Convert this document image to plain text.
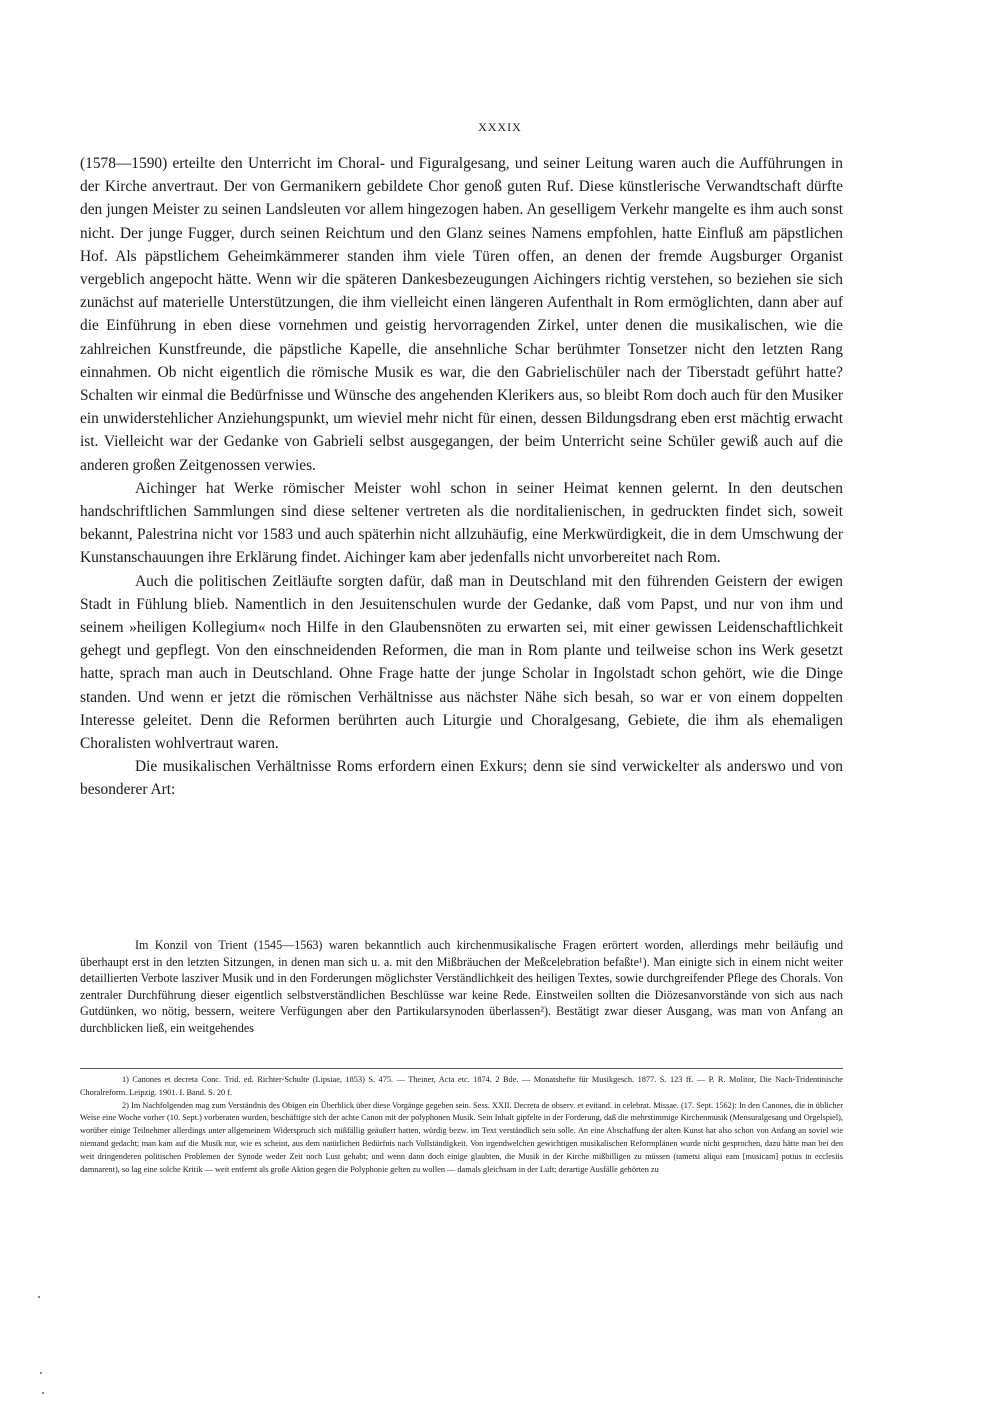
XXXIX

(1578—1590) erteilte den Unterricht im Choral- und Figuralgesang, und seiner Leitung waren auch die Aufführungen in der Kirche anvertraut. Der von Germanikern gebildete Chor genoß guten Ruf. Diese künstlerische Verwandtschaft dürfte den jungen Meister zu seinen Landsleuten vor allem hingezogen haben. An geselligem Verkehr mangelte es ihm auch sonst nicht. Der junge Fugger, durch seinen Reichtum und den Glanz seines Namens empfohlen, hatte Einfluß am päpstlichen Hof. Als päpstlichem Geheimkämmerer standen ihm viele Türen offen, an denen der fremde Augsburger Organist vergeblich angepocht hätte. Wenn wir die späteren Dankesbezeugungen Aichingers richtig verstehen, so beziehen sie sich zunächst auf materielle Unterstützungen, die ihm vielleicht einen längeren Aufenthalt in Rom ermöglichten, dann aber auf die Einführung in eben diese vornehmen und geistig hervorragenden Zirkel, unter denen die musikalischen, wie die zahlreichen Kunstfreunde, die päpstliche Kapelle, die ansehnliche Schar berühmter Tonsetzer nicht den letzten Rang einnahmen. Ob nicht eigentlich die römische Musik es war, die den Gabrielischüler nach der Tiberstadt geführt hatte? Schalten wir einmal die Bedürfnisse und Wünsche des angehenden Klerikers aus, so bleibt Rom doch auch für den Musiker ein unwiderstehlicher Anziehungspunkt, um wieviel mehr nicht für einen, dessen Bildungsdrang eben erst mächtig erwacht ist. Vielleicht war der Gedanke von Gabrieli selbst ausgegangen, der beim Unterricht seine Schüler gewiß auch auf die anderen großen Zeitgenossen verwies.

Aichinger hat Werke römischer Meister wohl schon in seiner Heimat kennen gelernt. In den deutschen handschriftlichen Sammlungen sind diese seltener vertreten als die norditalienischen, in gedruckten findet sich, soweit bekannt, Palestrina nicht vor 1583 und auch späterhin nicht allzuhäufig, eine Merkwürdigkeit, die in dem Umschwung der Kunstanschauungen ihre Erklärung findet. Aichinger kam aber jedenfalls nicht unvorbereitet nach Rom.

Auch die politischen Zeitläufte sorgten dafür, daß man in Deutschland mit den führenden Geistern der ewigen Stadt in Fühlung blieb. Namentlich in den Jesuitenschulen wurde der Gedanke, daß vom Papst, und nur von ihm und seinem »heiligen Kollegium« noch Hilfe in den Glaubensnöten zu erwarten sei, mit einer gewissen Leidenschaftlichkeit gehegt und gepflegt. Von den einschneidenden Reformen, die man in Rom plante und teilweise schon ins Werk gesetzt hatte, sprach man auch in Deutschland. Ohne Frage hatte der junge Scholar in Ingolstadt schon gehört, wie die Dinge standen. Und wenn er jetzt die römischen Verhältnisse aus nächster Nähe sich besah, so war er von einem doppelten Interesse geleitet. Denn die Reformen berührten auch Liturgie und Choralgesang, Gebiete, die ihm als ehemaligen Choralisten wohlvertraut waren.

Die musikalischen Verhältnisse Roms erfordern einen Exkurs; denn sie sind verwickelter als anderswo und von besonderer Art:

Im Konzil von Trient (1545—1563) waren bekanntlich auch kirchenmusikalische Fragen erörtert worden, allerdings mehr beiläufig und überhaupt erst in den letzten Sitzungen, in denen man sich u. a. mit den Mißbräuchen der Meßcelebration befaßte¹). Man einigte sich in einem nicht weiter detaillierten Verbote lasziver Musik und in den Forderungen möglichster Verständlichkeit des heiligen Textes, sowie durchgreifender Pflege des Chorals. Von zentraler Durchführung dieser eigentlich selbstverständlichen Beschlüsse war keine Rede. Einstweilen sollten die Diözesanvorstände von sich aus nach Gutdünken, wo nötig, bessern, weitere Verfügungen aber den Partikularsynoden überlassen²). Bestätigt zwar dieser Ausgang, was man von Anfang an durchblicken ließ, ein weitgehendes

1) Canones et decreta Conc. Trid. ed. Richter-Schulte (Lipsiae, 1853) S. 475. — Theiner, Acta etc. 1874. 2 Bde. — Monatshefte für Musikgesch. 1877. S. 123 ff. — P. R. Molitor, Die Nach-Tridentinische Choralreform. Leipzig. 1901. I. Band. S. 20 f.

2) Im Nachfolgenden mag zum Verständnis des Obigen ein Überblick über diese Vorgänge gegeben sein. Sess. XXII. Decreta de observ. et evitand. in celebrat. Missae. (17. Sept. 1562): In den Canones, die in üblicher Weise eine Woche vorher (10. Sept.) vorberaten wurden, beschäftigte sich der achte Canon mit der polyphonen Musik. Sein Inhalt gipfelte in der Forderung, daß die mehrstimmige Kirchenmusik (Mensuralgesang und Orgelspiel), worüber einige Teilnehmer allerdings unter allgemeinem Widerspruch sich mißfällig geäußert hatten, würdig bezw. im Text verständlich sein solle. An eine Abschaffung der alten Kunst hat also schon von Anfang an soviel wie niemand gedacht; man kam auf die Musik nur, wie es scheint, aus dem natürlichen Bedürfnis nach Vollständigkeit. Von irgendwelchen gewichtigen musikalischen Reformplänen wurde nicht gesprochen, dazu hätte man bei den weit dringenderen politischen Problemen der Synode weder Zeit noch Lust gehabt; und wenn dann doch einige glaubten, die Musik in der Kirche mißbilligen zu müssen (tametsi aliqui eam [musicam] potius in ecclesiis damnarent), so lag eine solche Kritik — weit entfernt als große Aktion gegen die Polyphonie gelten zu wollen — damals gleichsam in der Luft; derartige Ausfälle gehörten zu
